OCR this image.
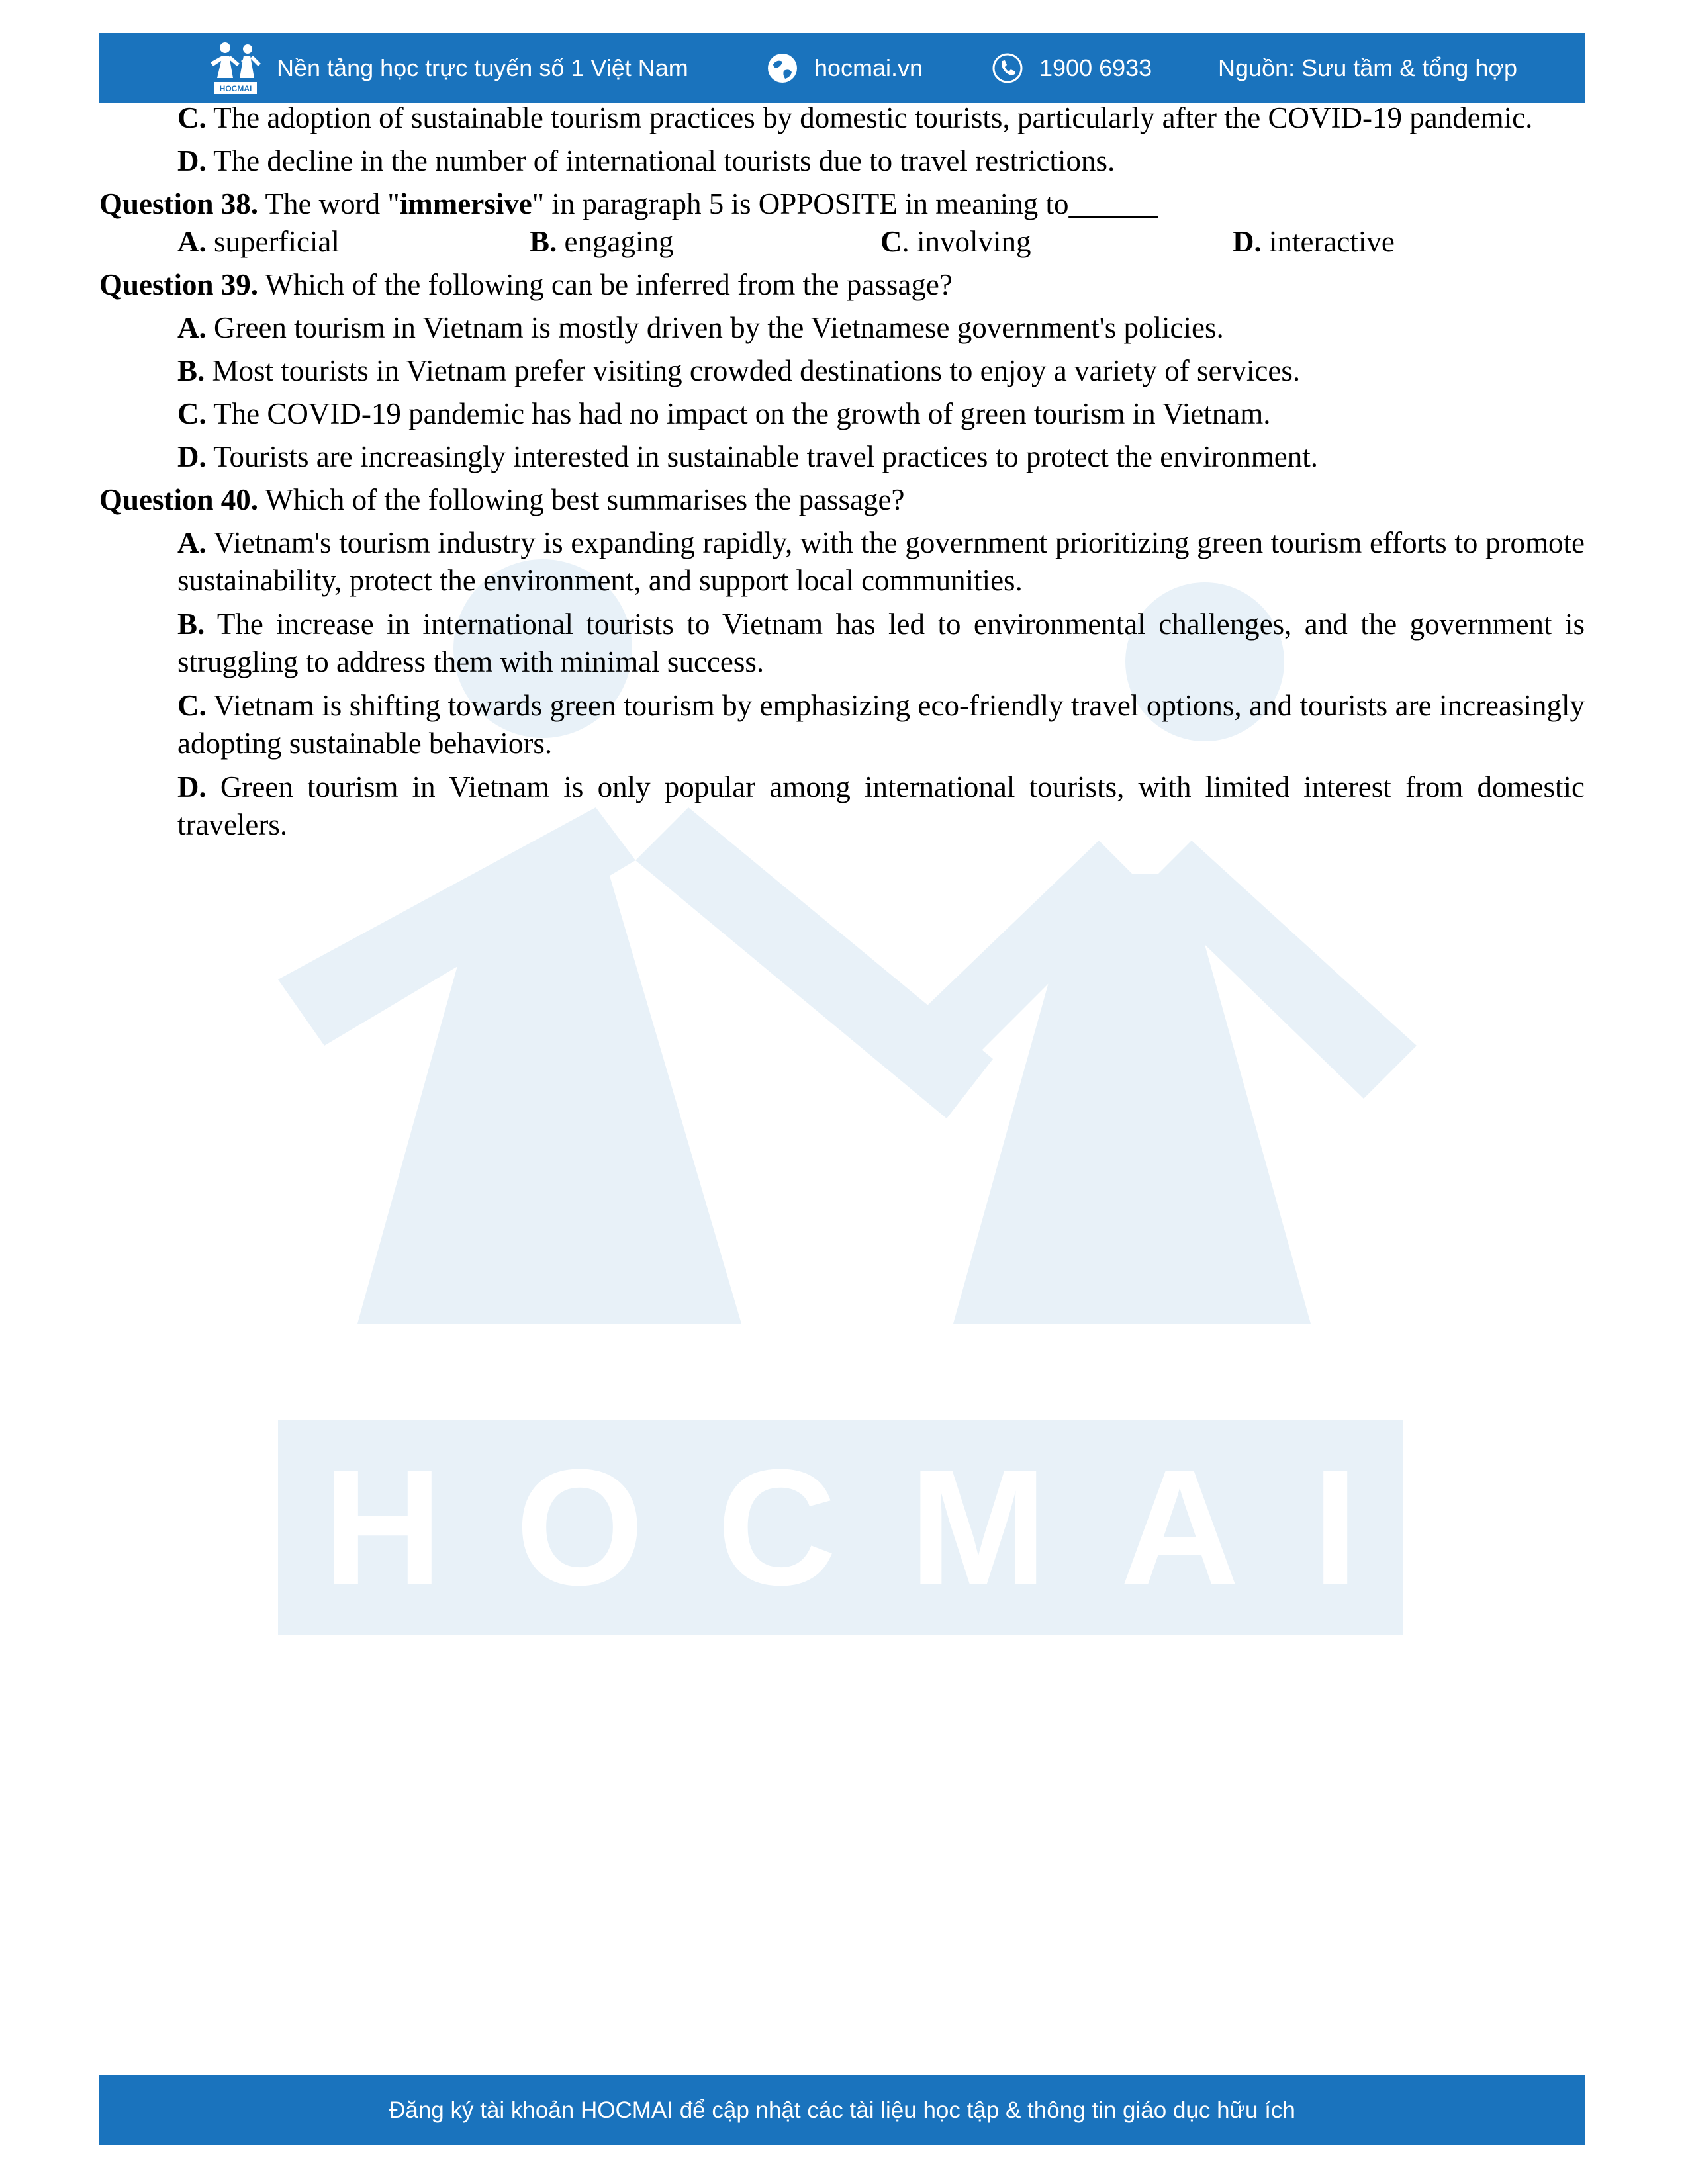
HOCMAI
HOCMAI
Nền tảng học trực tuyến số 1 Việt Nam	hocmai.vn	1900 6933	Nguồn: Sưu tầm & tổng hợp
C. The adoption of sustainable tourism practices by domestic tourists, particularly after the COVID-19 pandemic.
D. The decline in the number of international tourists due to travel restrictions.
Question 38. The word "immersive" in paragraph 5 is OPPOSITE in meaning to______
A. superficial	B. engaging	C. involving	D. interactive
Question 39. Which of the following can be inferred from the passage?
A. Green tourism in Vietnam is mostly driven by the Vietnamese government's policies.
B. Most tourists in Vietnam prefer visiting crowded destinations to enjoy a variety of services.
C. The COVID-19 pandemic has had no impact on the growth of green tourism in Vietnam.
D. Tourists are increasingly interested in sustainable travel practices to protect the environment.
Question 40. Which of the following best summarises the passage?
A. Vietnam's tourism industry is expanding rapidly, with the government prioritizing green tourism efforts to promote sustainability, protect the environment, and support local communities.
B. The increase in international tourists to Vietnam has led to environmental challenges, and the government is struggling to address them with minimal success.
C. Vietnam is shifting towards green tourism by emphasizing eco-friendly travel options, and tourists are increasingly adopting sustainable behaviors.
D. Green tourism in Vietnam is only popular among international tourists, with limited interest from domestic travelers.
Đăng ký tài khoản HOCMAI để cập nhật các tài liệu học tập & thông tin giáo dục hữu ích
